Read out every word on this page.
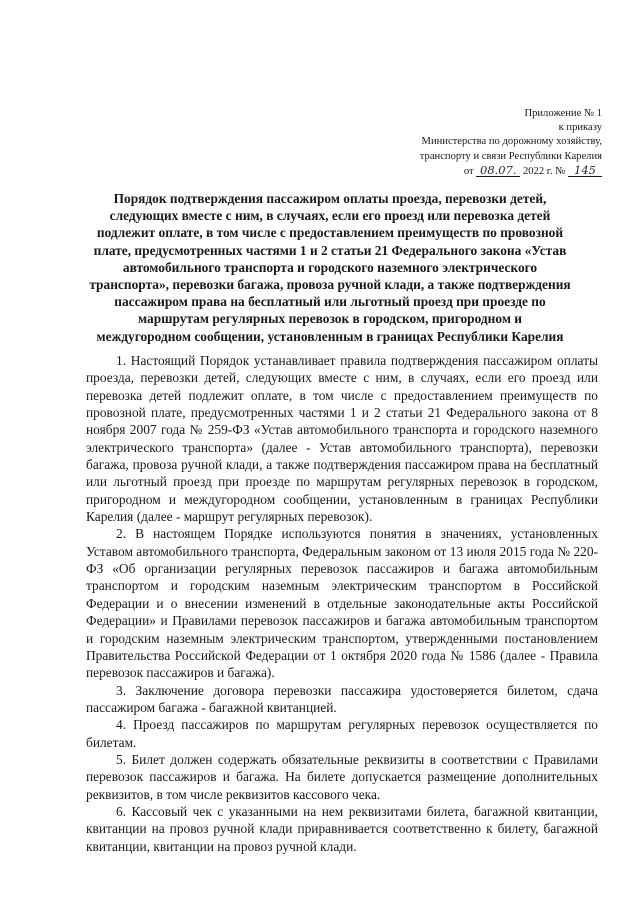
Приложение № 1
к приказу
Министерства по дорожному хозяйству,
транспорту и связи Республики Карелия
от 08.07. 2022 г. № 145
Порядок подтверждения пассажиром оплаты проезда, перевозки детей,
следующих вместе с ним, в случаях, если его проезд или перевозка детей
подлежит оплате, в том числе с предоставлением преимуществ по провозной
плате, предусмотренных частями 1 и 2 статьи 21 Федерального закона «Устав
автомобильного транспорта и городского наземного электрического
транспорта», перевозки багажа, провоза ручной клади, а также подтверждения
пассажиром права на бесплатный или льготный проезд при проезде по
маршрутам регулярных перевозок в городском, пригородном и
междугородном сообщении, установленным в границах Республики Карелия

1. Настоящий Порядок устанавливает правила подтверждения пассажиром оплаты проезда, перевозки детей, следующих вместе с ним, в случаях, если его проезд или перевозка детей подлежит оплате, в том числе с предоставлением преимуществ по провозной плате, предусмотренных частями 1 и 2 статьи 21 Федерального закона от 8 ноября 2007 года № 259-ФЗ «Устав автомобильного транспорта и городского наземного электрического транспорта» (далее - Устав автомобильного транспорта), перевозки багажа, провоза ручной клади, а также подтверждения пассажиром права на бесплатный или льготный проезд при проезде по маршрутам регулярных перевозок в городском, пригородном и междугородном сообщении, установленным в границах Республики Карелия (далее - маршрут регулярных перевозок).

2. В настоящем Порядке используются понятия в значениях, установленных Уставом автомобильного транспорта, Федеральным законом от 13 июля 2015 года № 220-ФЗ «Об организации регулярных перевозок пассажиров и багажа автомобильным транспортом и городским наземным электрическим транспортом в Российской Федерации и о внесении изменений в отдельные законодательные акты Российской Федерации» и Правилами перевозок пассажиров и багажа автомобильным транспортом и городским наземным электрическим транспортом, утвержденными постановлением Правительства Российской Федерации от 1 октября 2020 года № 1586 (далее - Правила перевозок пассажиров и багажа).

3. Заключение договора перевозки пассажира удостоверяется билетом, сдача пассажиром багажа - багажной квитанцией.

4. Проезд пассажиров по маршрутам регулярных перевозок осуществляется по билетам.

5. Билет должен содержать обязательные реквизиты в соответствии с Правилами перевозок пассажиров и багажа. На билете допускается размещение дополнительных реквизитов, в том числе реквизитов кассового чека.

6. Кассовый чек с указанными на нем реквизитами билета, багажной квитанции, квитанции на провоз ручной клади приравнивается соответственно к билету, багажной квитанции, квитанции на провоз ручной клади.
